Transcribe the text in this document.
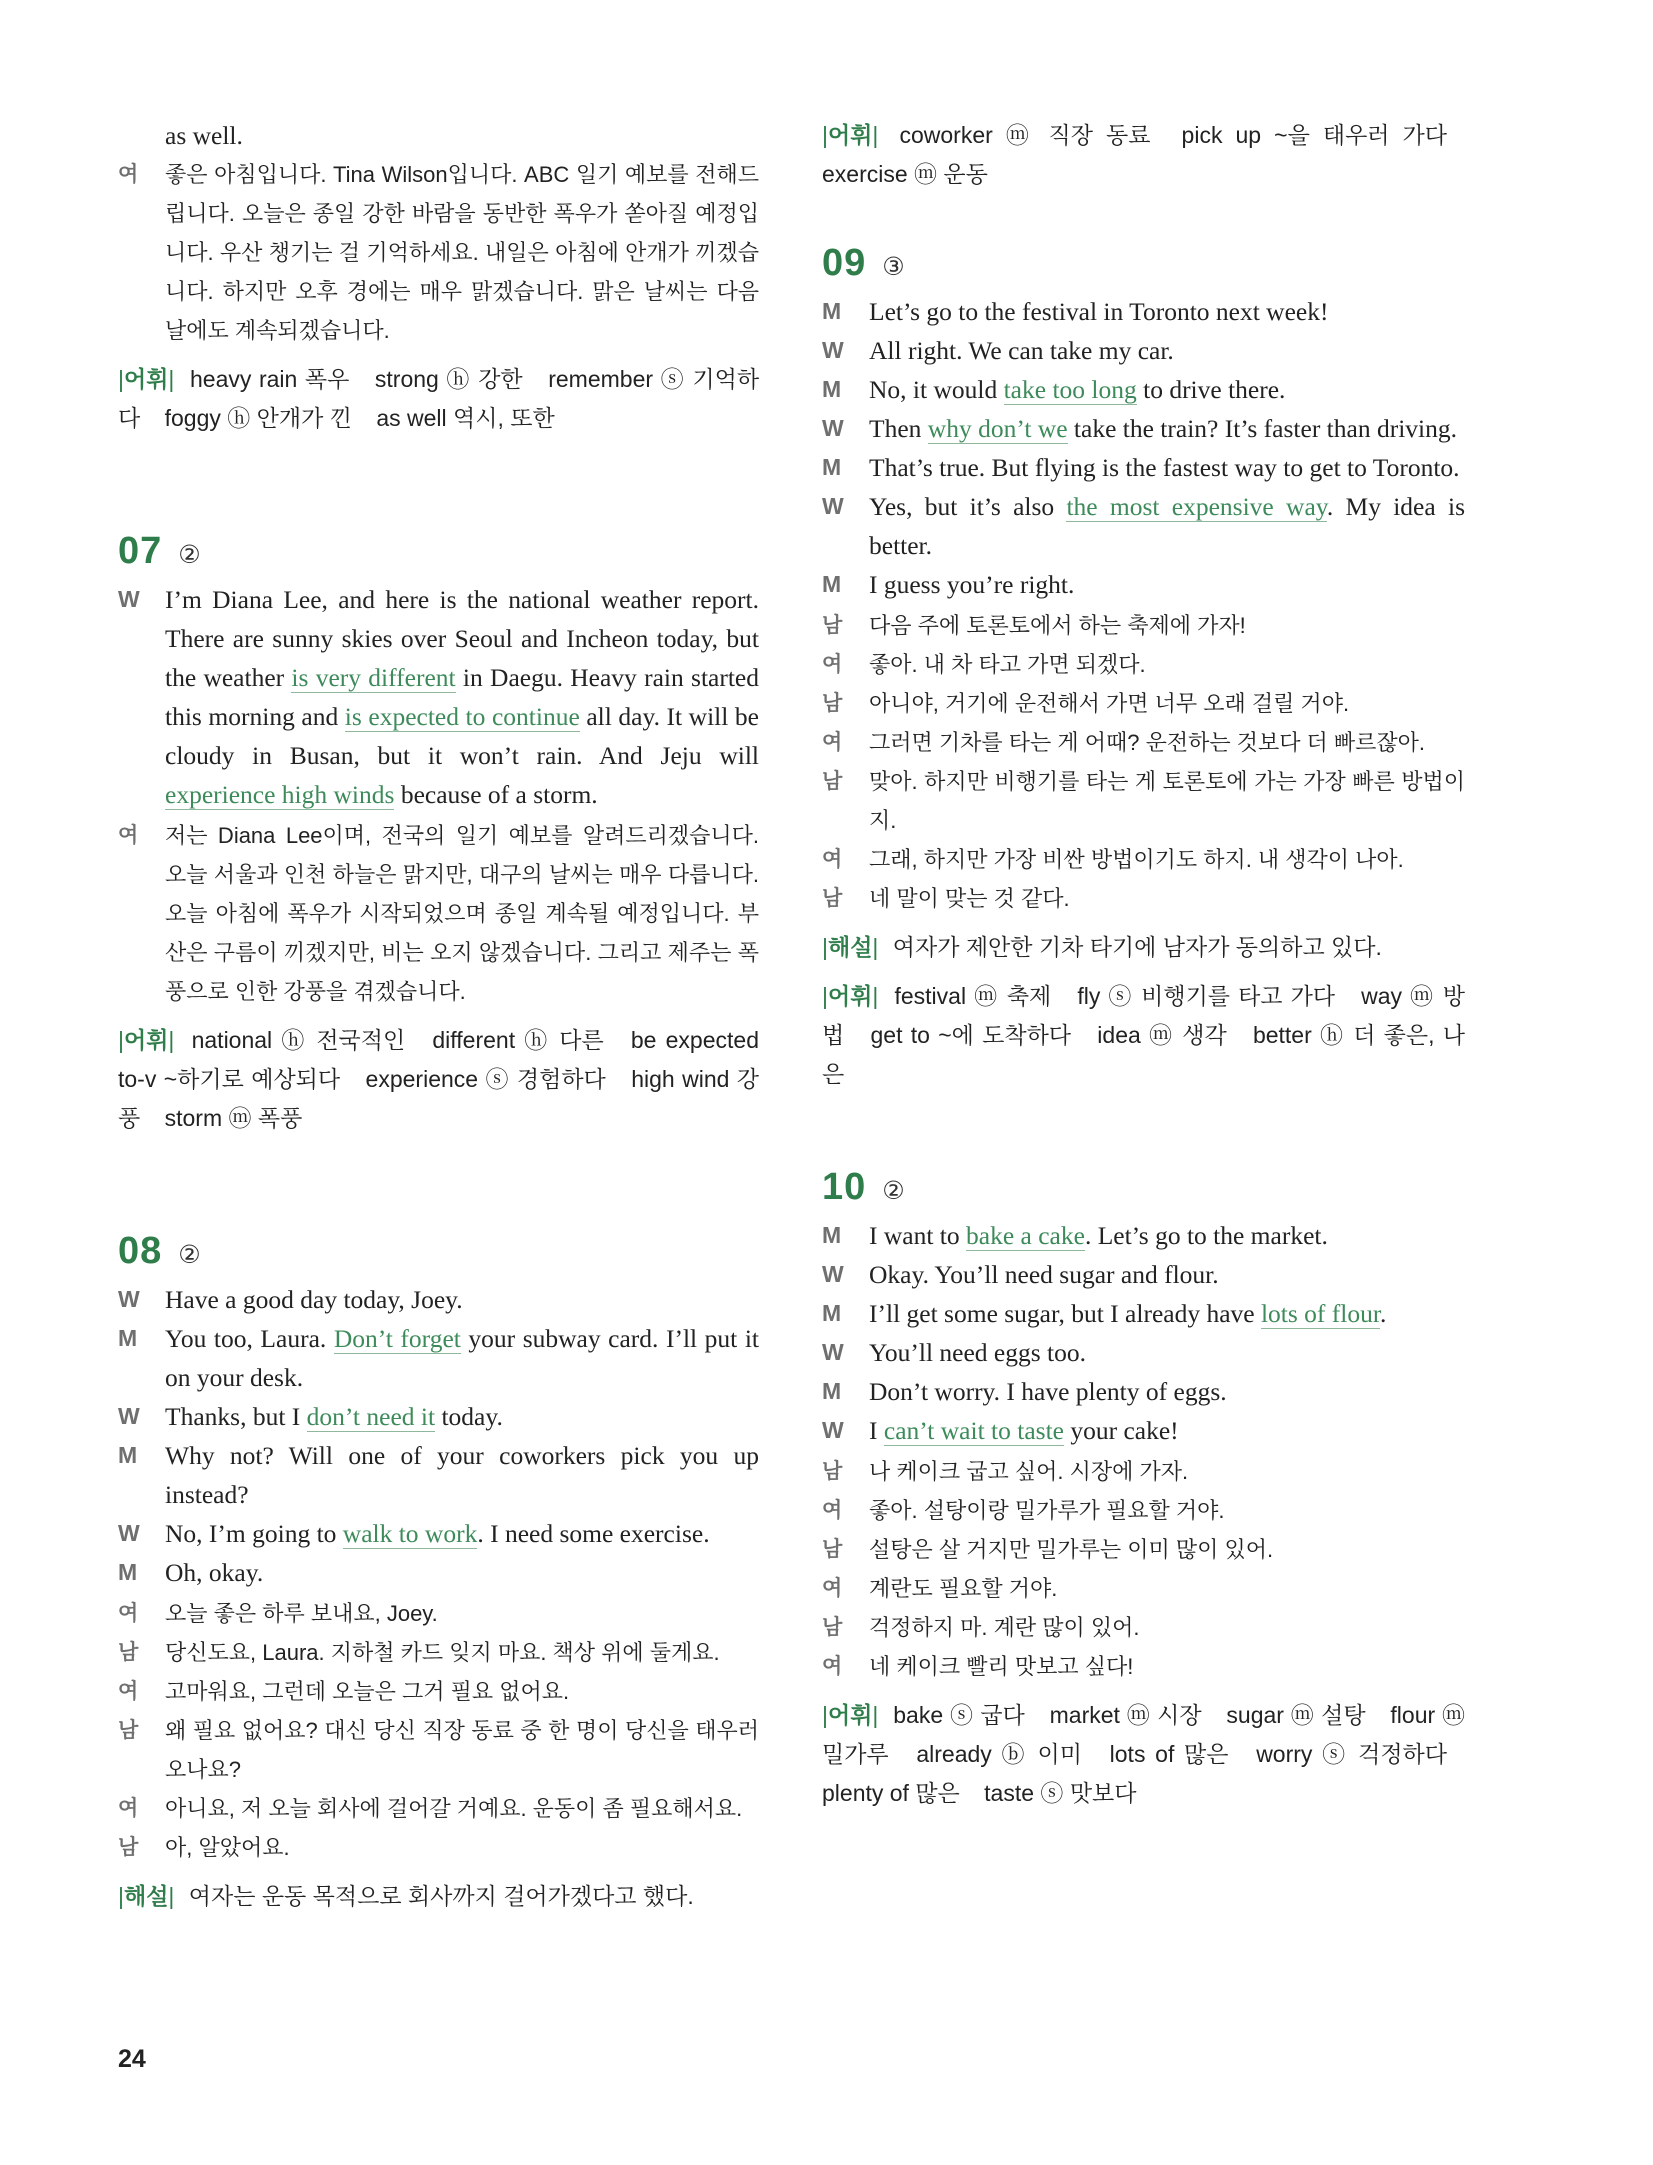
as well.
여	좋은 아침입니다. Tina Wilson입니다. ABC 일기 예보를 전해드립니다. 오늘은 종일 강한 바람을 동반한 폭우가 쏟아질 예정입니다. 우산 챙기는 걸 기억하세요. 내일은 아침에 안개가 끼겠습니다. 하지만 오후 경에는 매우 맑겠습니다. 맑은 날씨는 다음 날에도 계속되겠습니다.
|어휘| heavy rain 폭우 strong ⓗ 강한 remember ⓢ 기억하다 foggy ⓗ 안개가 낀 as well 역시, 또한
07 ②
W I’m Diana Lee, and here is the national weather report. There are sunny skies over Seoul and Incheon today, but the weather is very different in Daegu. Heavy rain started this morning and is expected to continue all day. It will be cloudy in Busan, but it won’t rain. And Jeju will experience high winds because of a storm.
여	저는 Diana Lee이며, 전국의 일기 예보를 알려드리겠습니다. 오늘 서울과 인천 하늘은 맑지만, 대구의 날씨는 매우 다릅니다. 오늘 아침에 폭우가 시작되었으며 종일 계속될 예정입니다. 부산은 구름이 끼겠지만, 비는 오지 않겠습니다. 그리고 제주는 폭풍으로 인한 강풍을 겪겠습니다.
|어휘| national ⓗ 전국적인 different ⓗ 다른 be expected to-v ~하기로 예상되다 experience ⓢ 경험하다 high wind 강풍 storm ⓜ 폭풍
08 ②
W Have a good day today, Joey.
M	You too, Laura. Don’t forget your subway card. I’ll put it on your desk.
W Thanks, but I don’t need it today.
M	Why not? Will one of your coworkers pick you up instead?
W No, I’m going to walk to work. I need some exercise.
M	Oh, okay.
여	오늘 좋은 하루 보내요, Joey.
남	당신도요, Laura. 지하철 카드 잊지 마요. 책상 위에 둘게요.
여	고마워요, 그런데 오늘은 그거 필요 없어요.
남	왜 필요 없어요? 대신 당신 직장 동료 중 한 명이 당신을 태우러 오나요?
여	아니요, 저 오늘 회사에 걸어갈 거예요. 운동이 좀 필요해서요.
남	아, 알았어요.
|해설| 여자는 운동 목적으로 회사까지 걸어가겠다고 했다.
|어휘| coworker ⓜ 직장 동료 pick up ~을 태우러 가다 exercise ⓜ 운동
09 ③
M	Let’s go to the festival in Toronto next week!
W All right. We can take my car.
M	No, it would take too long to drive there.
W Then why don’t we take the train? It’s faster than driving.
M	That’s true. But flying is the fastest way to get to Toronto.
W Yes, but it’s also the most expensive way. My idea is better.
M	I guess you’re right.
남	다음 주에 토론토에서 하는 축제에 가자!
여	좋아. 내 차 타고 가면 되겠다.
남	아니야, 거기에 운전해서 가면 너무 오래 걸릴 거야.
여	그러면 기차를 타는 게 어때? 운전하는 것보다 더 빠르잖아.
남	맞아. 하지만 비행기를 타는 게 토론토에 가는 가장 빠른 방법이지.
여	그래, 하지만 가장 비싼 방법이기도 하지. 내 생각이 나아.
남	네 말이 맞는 것 같다.
|해설| 여자가 제안한 기차 타기에 남자가 동의하고 있다.
|어휘| festival ⓜ 축제 fly ⓢ 비행기를 타고 가다 way ⓜ 방법 get to ~에 도착하다 idea ⓜ 생각 better ⓗ 더 좋은, 나은
10 ②
M	I want to bake a cake. Let’s go to the market.
W Okay. You’ll need sugar and flour.
M	I’ll get some sugar, but I already have lots of flour.
W You’ll need eggs too.
M	Don’t worry. I have plenty of eggs.
W I can’t wait to taste your cake!
남	나 케이크 굽고 싶어. 시장에 가자.
여	좋아. 설탕이랑 밀가루가 필요할 거야.
남	설탕은 살 거지만 밀가루는 이미 많이 있어.
여	계란도 필요할 거야.
남	걱정하지 마. 계란 많이 있어.
여	네 케이크 빨리 맛보고 싶다!
|어휘| bake ⓢ 굽다 market ⓜ 시장 sugar ⓜ 설탕 flour ⓜ 밀가루 already ⓑ 이미 lots of 많은 worry ⓢ 걱정하다 plenty of 많은 taste ⓢ 맛보다
24
